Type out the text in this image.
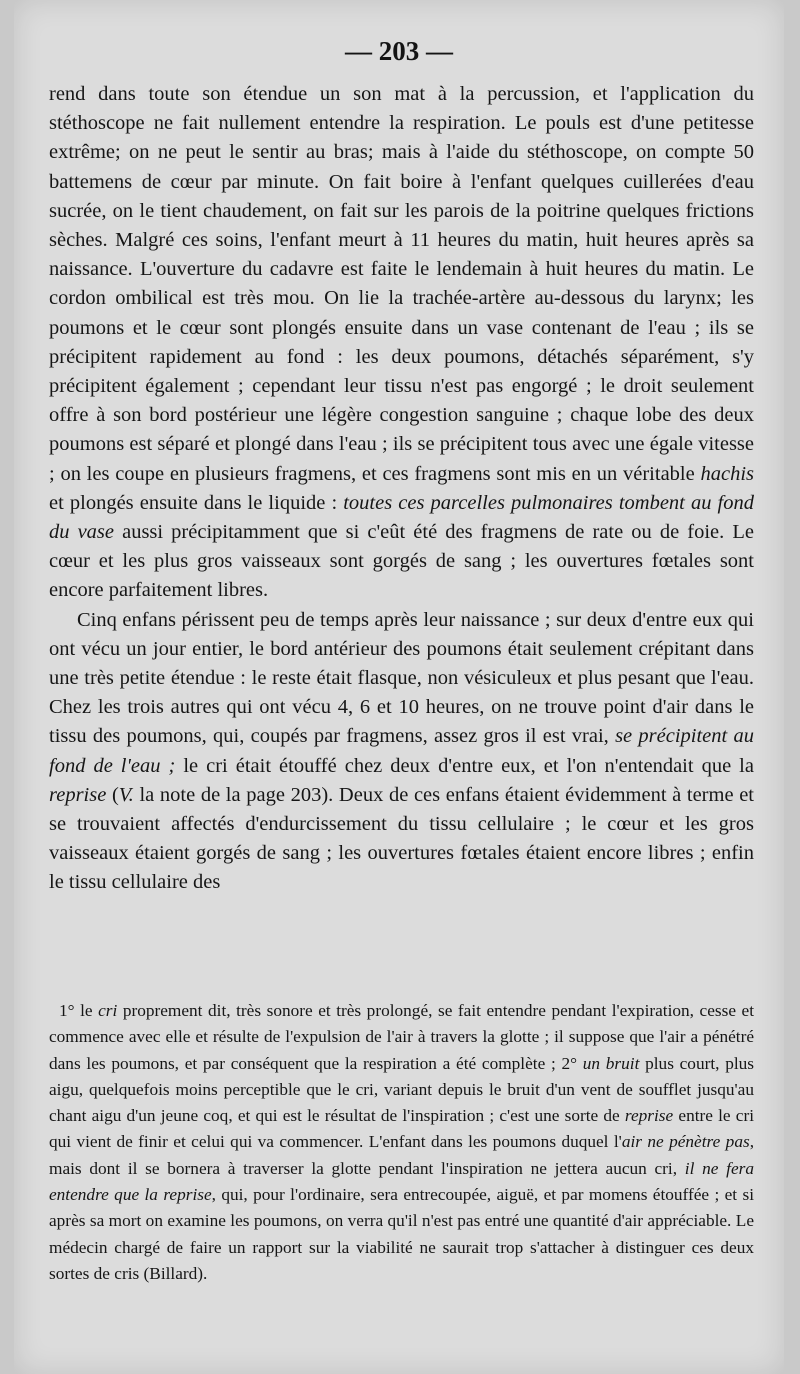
— 203 —

rend dans toute son étendue un son mat à la percussion, et l'application du stéthoscope ne fait nullement entendre la respiration. Le pouls est d'une petitesse extrême; on ne peut le sentir au bras; mais à l'aide du stéthoscope, on compte 50 battemens de cœur par minute. On fait boire à l'enfant quelques cuillerées d'eau sucrée, on le tient chaudement, on fait sur les parois de la poitrine quelques frictions sèches. Malgré ces soins, l'enfant meurt à 11 heures du matin, huit heures après sa naissance. L'ouverture du cadavre est faite le lendemain à huit heures du matin. Le cordon ombilical est très mou. On lie la trachée-artère au-dessous du larynx; les poumons et le cœur sont plongés ensuite dans un vase contenant de l'eau ; ils se précipitent rapidement au fond : les deux poumons, détachés séparément, s'y précipitent également ; cependant leur tissu n'est pas engorgé ; le droit seulement offre à son bord postérieur une légère congestion sanguine ; chaque lobe des deux poumons est séparé et plongé dans l'eau ; ils se précipitent tous avec une égale vitesse ; on les coupe en plusieurs fragmens, et ces fragmens sont mis en un véritable hachis et plongés ensuite dans le liquide : toutes ces parcelles pulmonaires tombent au fond du vase aussi précipitamment que si c'eût été des fragmens de rate ou de foie. Le cœur et les plus gros vaisseaux sont gorgés de sang ; les ouvertures fœtales sont encore parfaitement libres.

Cinq enfans périssent peu de temps après leur naissance ; sur deux d'entre eux qui ont vécu un jour entier, le bord antérieur des poumons était seulement crépitant dans une très petite étendue : le reste était flasque, non vésiculeux et plus pesant que l'eau. Chez les trois autres qui ont vécu 4, 6 et 10 heures, on ne trouve point d'air dans le tissu des poumons, qui, coupés par fragmens, assez gros il est vrai, se précipitent au fond de l'eau ; le cri était étouffé chez deux d'entre eux, et l'on n'entendait que la reprise (V. la note de la page 203). Deux de ces enfans étaient évidemment à terme et se trouvaient affectés d'endurcissement du tissu cellulaire ; le cœur et les gros vaisseaux étaient gorgés de sang ; les ouvertures fœtales étaient encore libres ; enfin le tissu cellulaire des

1° le cri proprement dit, très sonore et très prolongé, se fait entendre pendant l'expiration, cesse et commence avec elle et résulte de l'expulsion de l'air à travers la glotte ; il suppose que l'air a pénétré dans les poumons, et par conséquent que la respiration a été complète ; 2° un bruit plus court, plus aigu, quelquefois moins perceptible que le cri, variant depuis le bruit d'un vent de soufflet jusqu'au chant aigu d'un jeune coq, et qui est le résultat de l'inspiration ; c'est une sorte de reprise entre le cri qui vient de finir et celui qui va commencer. L'enfant dans les poumons duquel l'air ne pénètre pas, mais dont il se bornera à traverser la glotte pendant l'inspiration ne jettera aucun cri, il ne fera entendre que la reprise, qui, pour l'ordinaire, sera entrecoupée, aiguë, et par momens étouffée ; et si après sa mort on examine les poumons, on verra qu'il n'est pas entré une quantité d'air appréciable. Le médecin chargé de faire un rapport sur la viabilité ne saurait trop s'attacher à distinguer ces deux sortes de cris (Billard).
